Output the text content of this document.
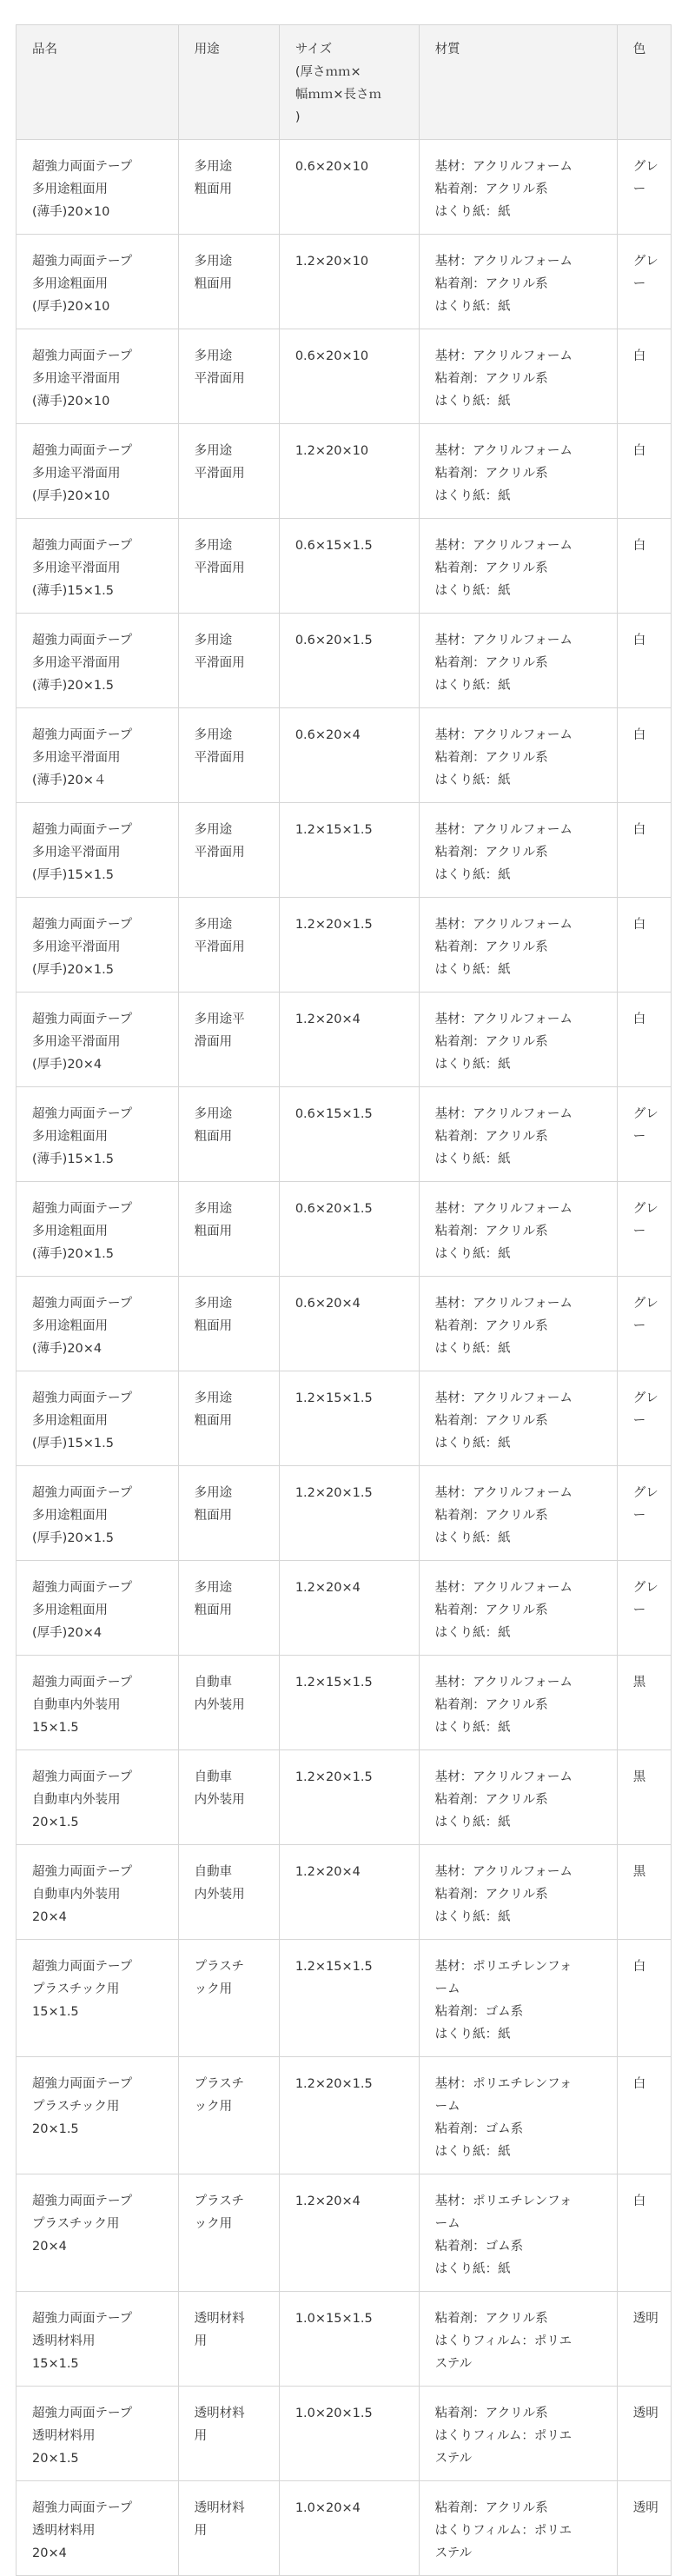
品名	用途	サイズ
(厚さｍｍ×
幅ｍｍ×長さｍ
)	材質	色
超強力両面テープ
多用途粗面用
(薄手)20×10	多用途
粗面用	0.6×20×10	基材：アクリルフォーム
粘着剤：アクリル系
はくり紙：紙	グレー
超強力両面テープ
多用途粗面用
(厚手)20×10	多用途
粗面用	1.2×20×10	基材：アクリルフォーム
粘着剤：アクリル系
はくり紙：紙	グレー
超強力両面テープ
多用途平滑面用
(薄手)20×10	多用途
平滑面用	0.6×20×10	基材：アクリルフォーム
粘着剤：アクリル系
はくり紙：紙	白
超強力両面テープ
多用途平滑面用
(厚手)20×10	多用途
平滑面用	1.2×20×10	基材：アクリルフォーム
粘着剤：アクリル系
はくり紙：紙	白
超強力両面テープ
多用途平滑面用
(薄手)15×1.5	多用途
平滑面用	0.6×15×1.5	基材：アクリルフォーム
粘着剤：アクリル系
はくり紙：紙	白
超強力両面テープ
多用途平滑面用
(薄手)20×1.5	多用途
平滑面用	0.6×20×1.5	基材：アクリルフォーム
粘着剤：アクリル系
はくり紙：紙	白
超強力両面テープ
多用途平滑面用
(薄手)20×４	多用途
平滑面用	0.6×20×4	基材：アクリルフォーム
粘着剤：アクリル系
はくり紙：紙	白
超強力両面テープ
多用途平滑面用
(厚手)15×1.5	多用途
平滑面用	1.2×15×1.5	基材：アクリルフォーム
粘着剤：アクリル系
はくり紙：紙	白
超強力両面テープ
多用途平滑面用
(厚手)20×1.5	多用途
平滑面用	1.2×20×1.5	基材：アクリルフォーム
粘着剤：アクリル系
はくり紙：紙	白
超強力両面テープ
多用途平滑面用
(厚手)20×4	多用途平
滑面用	1.2×20×4	基材：アクリルフォーム
粘着剤：アクリル系
はくり紙：紙	白
超強力両面テープ
多用途粗面用
(薄手)15×1.5	多用途
粗面用	0.6×15×1.5	基材：アクリルフォーム
粘着剤：アクリル系
はくり紙：紙	グレー
超強力両面テープ
多用途粗面用
(薄手)20×1.5	多用途
粗面用	0.6×20×1.5	基材：アクリルフォーム
粘着剤：アクリル系
はくり紙：紙	グレー
超強力両面テープ
多用途粗面用
(薄手)20×4	多用途
粗面用	0.6×20×4	基材：アクリルフォーム
粘着剤：アクリル系
はくり紙：紙	グレー
超強力両面テープ
多用途粗面用
(厚手)15×1.5	多用途
粗面用	1.2×15×1.5	基材：アクリルフォーム
粘着剤：アクリル系
はくり紙：紙	グレー
超強力両面テープ
多用途粗面用
(厚手)20×1.5	多用途
粗面用	1.2×20×1.5	基材：アクリルフォーム
粘着剤：アクリル系
はくり紙：紙	グレー
超強力両面テープ
多用途粗面用
(厚手)20×4	多用途
粗面用	1.2×20×4	基材：アクリルフォーム
粘着剤：アクリル系
はくり紙：紙	グレー
超強力両面テープ
自動車内外装用
15×1.5	自動車
内外装用	1.2×15×1.5	基材：アクリルフォーム
粘着剤：アクリル系
はくり紙：紙	黒
超強力両面テープ
自動車内外装用
20×1.5	自動車
内外装用	1.2×20×1.5	基材：アクリルフォーム
粘着剤：アクリル系
はくり紙：紙	黒
超強力両面テープ
自動車内外装用
20×4	自動車
内外装用	1.2×20×4	基材：アクリルフォーム
粘着剤：アクリル系
はくり紙：紙	黒
超強力両面テープ
プラスチック用
15×1.5	プラスチ
ック用	1.2×15×1.5	基材：ポリエチレンフォ
ーム
粘着剤：ゴム系
はくり紙：紙	白
超強力両面テープ
プラスチック用
20×1.5	プラスチ
ック用	1.2×20×1.5	基材：ポリエチレンフォ
ーム
粘着剤：ゴム系
はくり紙：紙	白
超強力両面テープ
プラスチック用
20×4	プラスチ
ック用	1.2×20×4	基材：ポリエチレンフォ
ーム
粘着剤：ゴム系
はくり紙：紙	白
超強力両面テープ
透明材料用
15×1.5	透明材料
用	1.0×15×1.5	粘着剤：アクリル系
はくりフィルム：ポリエ
ステル	透明
超強力両面テープ
透明材料用
20×1.5	透明材料
用	1.0×20×1.5	粘着剤：アクリル系
はくりフィルム：ポリエ
ステル	透明
超強力両面テープ
透明材料用
20×4	透明材料
用	1.0×20×4	粘着剤：アクリル系
はくりフィルム：ポリエ
ステル	透明
